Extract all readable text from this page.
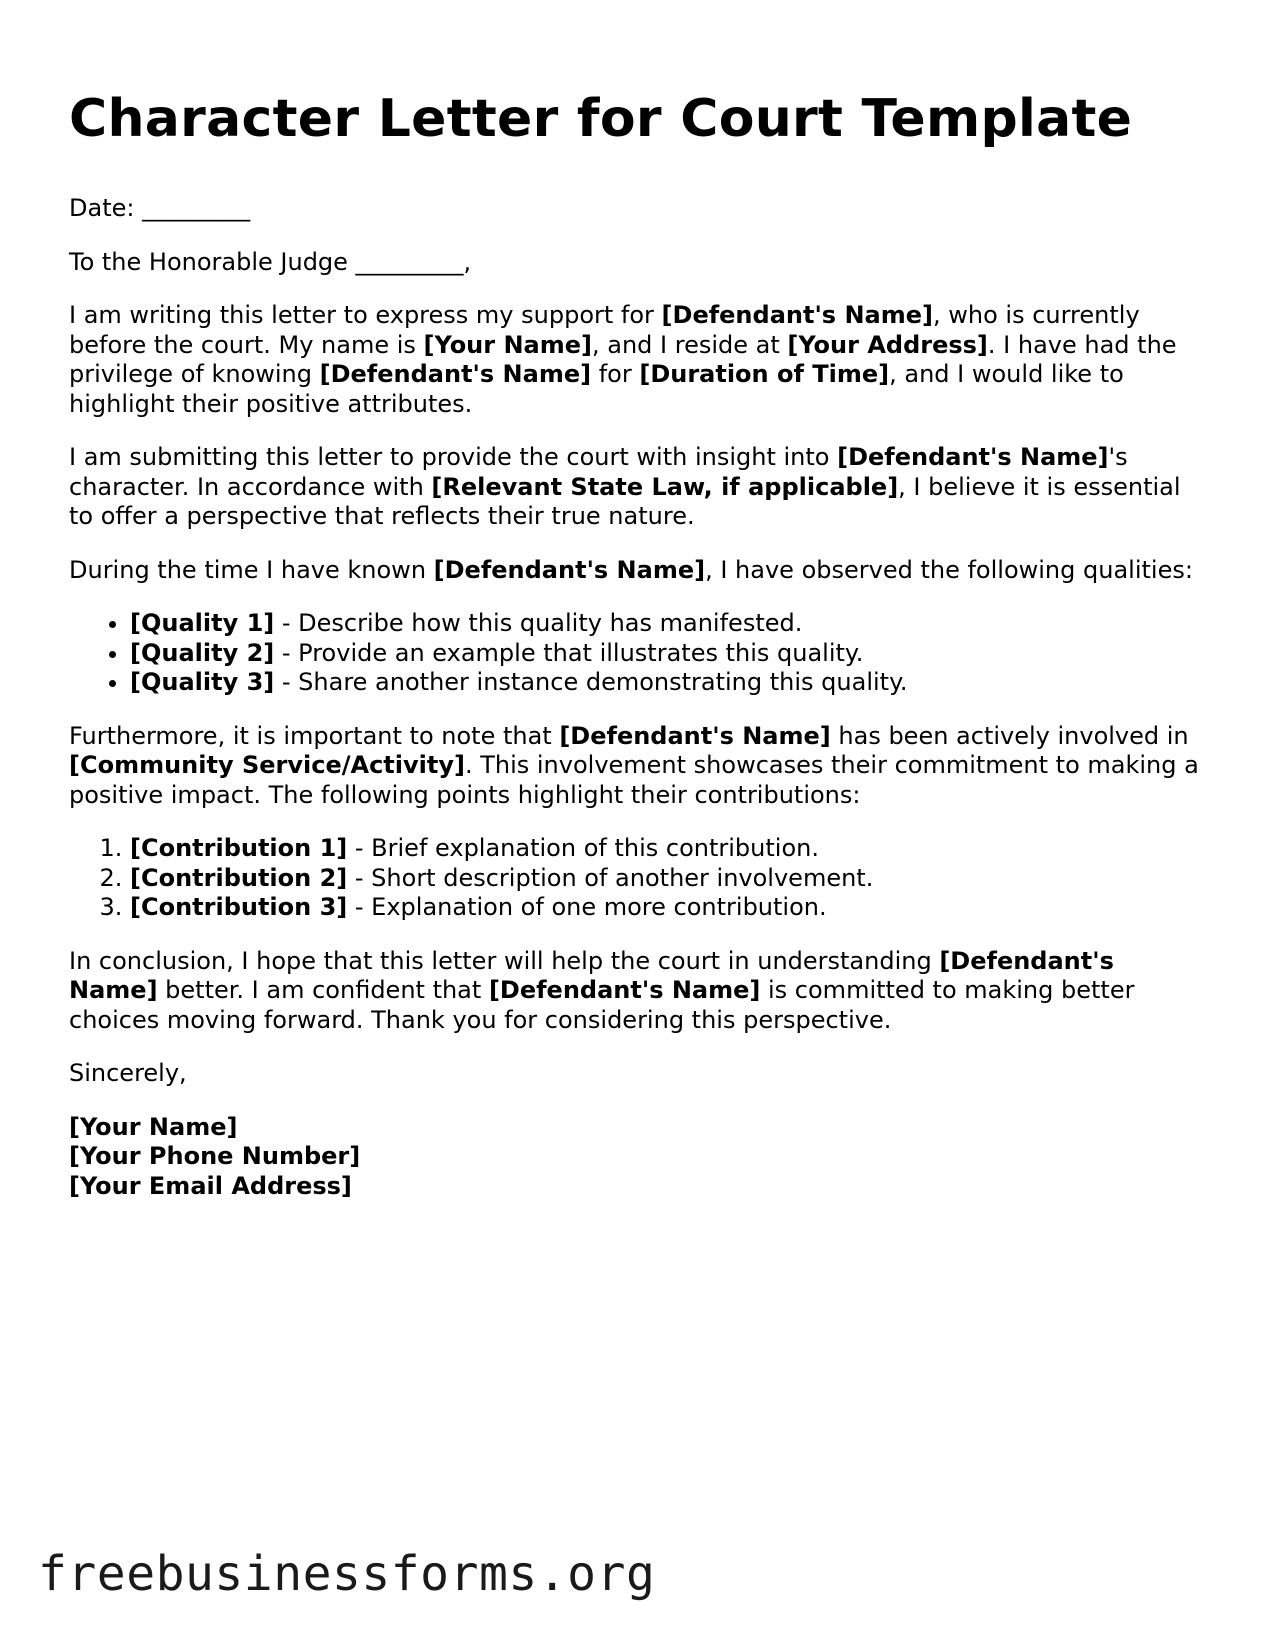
Character Letter for Court Template

Date: _________

To the Honorable Judge _________,

I am writing this letter to express my support for [Defendant's Name], who is currently before the court. My name is [Your Name], and I reside at [Your Address]. I have had the privilege of knowing [Defendant's Name] for [Duration of Time], and I would like to highlight their positive attributes.

I am submitting this letter to provide the court with insight into [Defendant's Name]'s character. In accordance with [Relevant State Law, if applicable], I believe it is essential to offer a perspective that reflects their true nature.

During the time I have known [Defendant's Name], I have observed the following qualities:

• [Quality 1] - Describe how this quality has manifested.
• [Quality 2] - Provide an example that illustrates this quality.
• [Quality 3] - Share another instance demonstrating this quality.

Furthermore, it is important to note that [Defendant's Name] has been actively involved in [Community Service/Activity]. This involvement showcases their commitment to making a positive impact. The following points highlight their contributions:

1. [Contribution 1] - Brief explanation of this contribution.
2. [Contribution 2] - Short description of another involvement.
3. [Contribution 3] - Explanation of one more contribution.

In conclusion, I hope that this letter will help the court in understanding [Defendant's Name] better. I am confident that [Defendant's Name] is committed to making better choices moving forward. Thank you for considering this perspective.

Sincerely,

[Your Name]
[Your Phone Number]
[Your Email Address]
freebusinessforms.org
